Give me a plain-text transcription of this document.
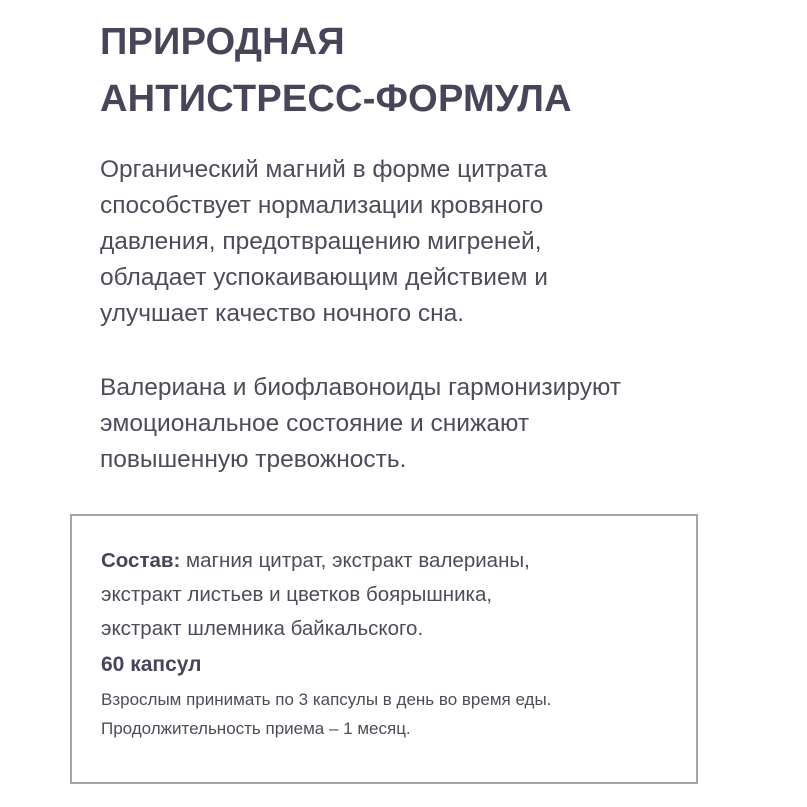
ПРИРОДНАЯ
АНТИСТРЕСС-ФОРМУЛА

Органический магний в форме цитрата
способствует нормализации кровяного
давления, предотвращению мигреней,
обладает успокаивающим действием и
улучшает качество ночного сна.

Валериана и биофлавоноиды гармонизируют
эмоциональное состояние и снижают
повышенную тревожность.

Состав: магния цитрат, экстракт валерианы,
экстракт листьев и цветков боярышника,
экстракт шлемника байкальского.

60 капсул

Взрослым принимать по 3 капсулы в день во время еды.
Продолжительность приема – 1 месяц.
